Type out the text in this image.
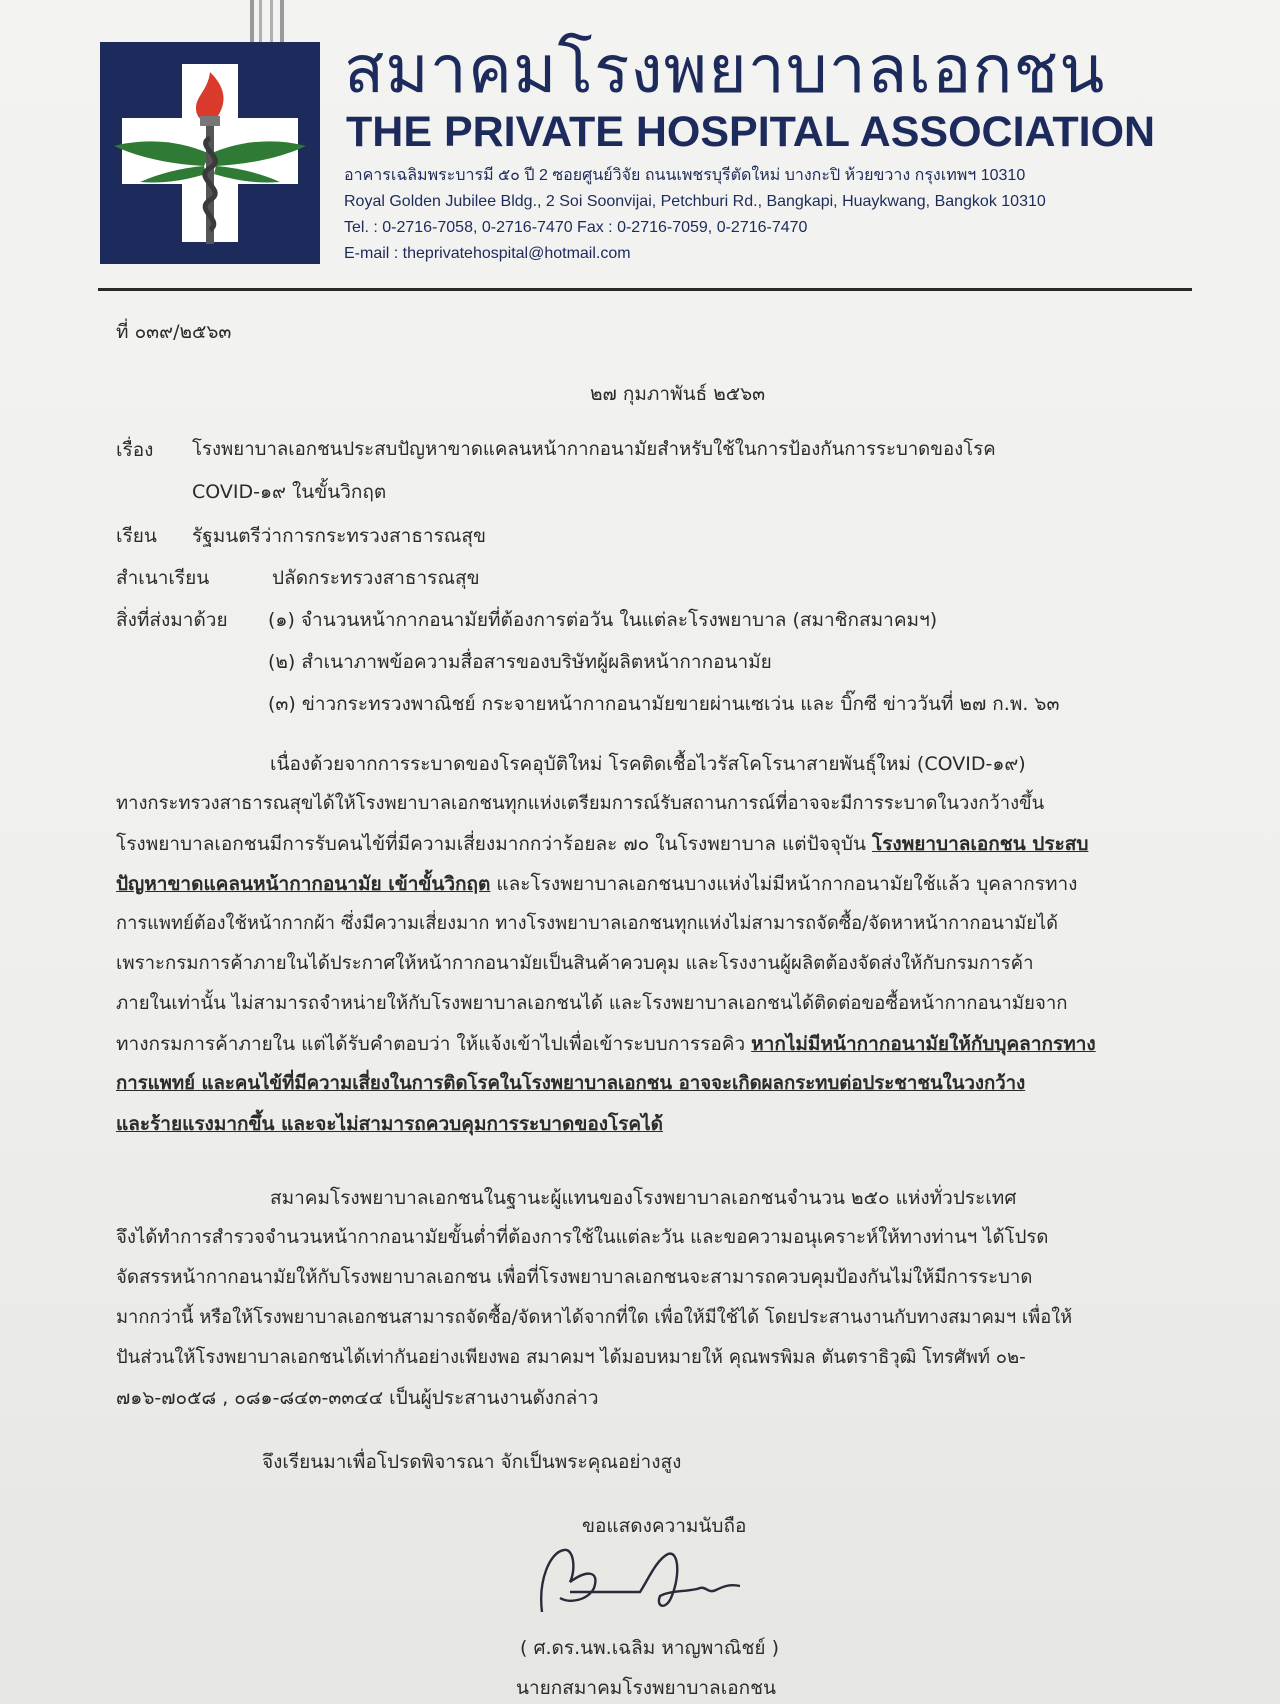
สมาคมโรงพยาบาลเอกชน
THE PRIVATE HOSPITAL ASSOCIATION
อาคารเฉลิมพระบารมี ๕๐ ปี 2 ซอยศูนย์วิจัย ถนนเพชรบุรีตัดใหม่ บางกะปิ ห้วยขวาง กรุงเทพฯ 10310
Royal Golden Jubilee Bldg., 2 Soi Soonvijai, Petchburi Rd., Bangkapi, Huaykwang, Bangkok 10310
Tel. : 0-2716-7058, 0-2716-7470 Fax : 0-2716-7059, 0-2716-7470
E-mail : theprivatehospital@hotmail.com
ที่ ๐๓๙/๒๕๖๓
๒๗ กุมภาพันธ์ ๒๕๖๓
เรื่อง โรงพยาบาลเอกชนประสบปัญหาขาดแคลนหน้ากากอนามัยสำหรับใช้ในการป้องกันการระบาดของโรค
COVID-๑๙ ในขั้นวิกฤต
เรียน รัฐมนตรีว่าการกระทรวงสาธารณสุข
สำเนาเรียน	ปลัดกระทรวงสาธารณสุข
สิ่งที่ส่งมาด้วย (๑) จำนวนหน้ากากอนามัยที่ต้องการต่อวัน ในแต่ละโรงพยาบาล (สมาชิกสมาคมฯ)
(๒) สำเนาภาพข้อความสื่อสารของบริษัทผู้ผลิตหน้ากากอนามัย
(๓) ข่าวกระทรวงพาณิชย์ กระจายหน้ากากอนามัยขายผ่านเซเว่น และ บิ๊กซี ข่าววันที่ ๒๗ ก.พ. ๖๓
เนื่องด้วยจากการระบาดของโรคอุบัติใหม่ โรคติดเชื้อไวรัสโคโรนาสายพันธุ์ใหม่ (COVID-๑๙)
ทางกระทรวงสาธารณสุขได้ให้โรงพยาบาลเอกชนทุกแห่งเตรียมการณ์รับสถานการณ์ที่อาจจะมีการระบาดในวงกว้างขึ้น
โรงพยาบาลเอกชนมีการรับคนไข้ที่มีความเสี่ยงมากกว่าร้อยละ ๗๐ ในโรงพยาบาล แต่ปัจจุบัน โรงพยาบาลเอกชน ประสบ
ปัญหาขาดแคลนหน้ากากอนามัย เข้าขั้นวิกฤต และโรงพยาบาลเอกชนบางแห่งไม่มีหน้ากากอนามัยใช้แล้ว บุคลากรทาง
การแพทย์ต้องใช้หน้ากากผ้า ซึ่งมีความเสี่ยงมาก ทางโรงพยาบาลเอกชนทุกแห่งไม่สามารถจัดซื้อ/จัดหาหน้ากากอนามัยได้
เพราะกรมการค้าภายในได้ประกาศให้หน้ากากอนามัยเป็นสินค้าควบคุม และโรงงานผู้ผลิตต้องจัดส่งให้กับกรมการค้า
ภายในเท่านั้น ไม่สามารถจำหน่ายให้กับโรงพยาบาลเอกชนได้ และโรงพยาบาลเอกชนได้ติดต่อขอซื้อหน้ากากอนามัยจาก
ทางกรมการค้าภายใน แต่ได้รับคำตอบว่า ให้แจ้งเข้าไปเพื่อเข้าระบบการรอคิว หากไม่มีหน้ากากอนามัยให้กับบุคลากรทาง
การแพทย์ และคนไข้ที่มีความเสี่ยงในการติดโรคในโรงพยาบาลเอกชน อาจจะเกิดผลกระทบต่อประชาชนในวงกว้าง
และร้ายแรงมากขึ้น และจะไม่สามารถควบคุมการระบาดของโรคได้
สมาคมโรงพยาบาลเอกชนในฐานะผู้แทนของโรงพยาบาลเอกชนจำนวน ๒๕๐ แห่งทั่วประเทศ
จึงได้ทำการสำรวจจำนวนหน้ากากอนามัยขั้นต่ำที่ต้องการใช้ในแต่ละวัน และขอความอนุเคราะห์ให้ทางท่านฯ ได้โปรด
จัดสรรหน้ากากอนามัยให้กับโรงพยาบาลเอกชน เพื่อที่โรงพยาบาลเอกชนจะสามารถควบคุมป้องกันไม่ให้มีการระบาด
มากกว่านี้ หรือให้โรงพยาบาลเอกชนสามารถจัดซื้อ/จัดหาได้จากที่ใด เพื่อให้มีใช้ได้ โดยประสานงานกับทางสมาคมฯ เพื่อให้
ปันส่วนให้โรงพยาบาลเอกชนได้เท่ากันอย่างเพียงพอ สมาคมฯ ได้มอบหมายให้ คุณพรพิมล ตันตราธิวุฒิ โทรศัพท์ ๐๒-
๗๑๖-๗๐๕๘ , ๐๘๑-๘๔๓-๓๓๔๔ เป็นผู้ประสานงานดังกล่าว
จึงเรียนมาเพื่อโปรดพิจารณา จักเป็นพระคุณอย่างสูง
ขอแสดงความนับถือ
( ศ.ดร.นพ.เฉลิม หาญพาณิชย์ )
นายกสมาคมโรงพยาบาลเอกชน
